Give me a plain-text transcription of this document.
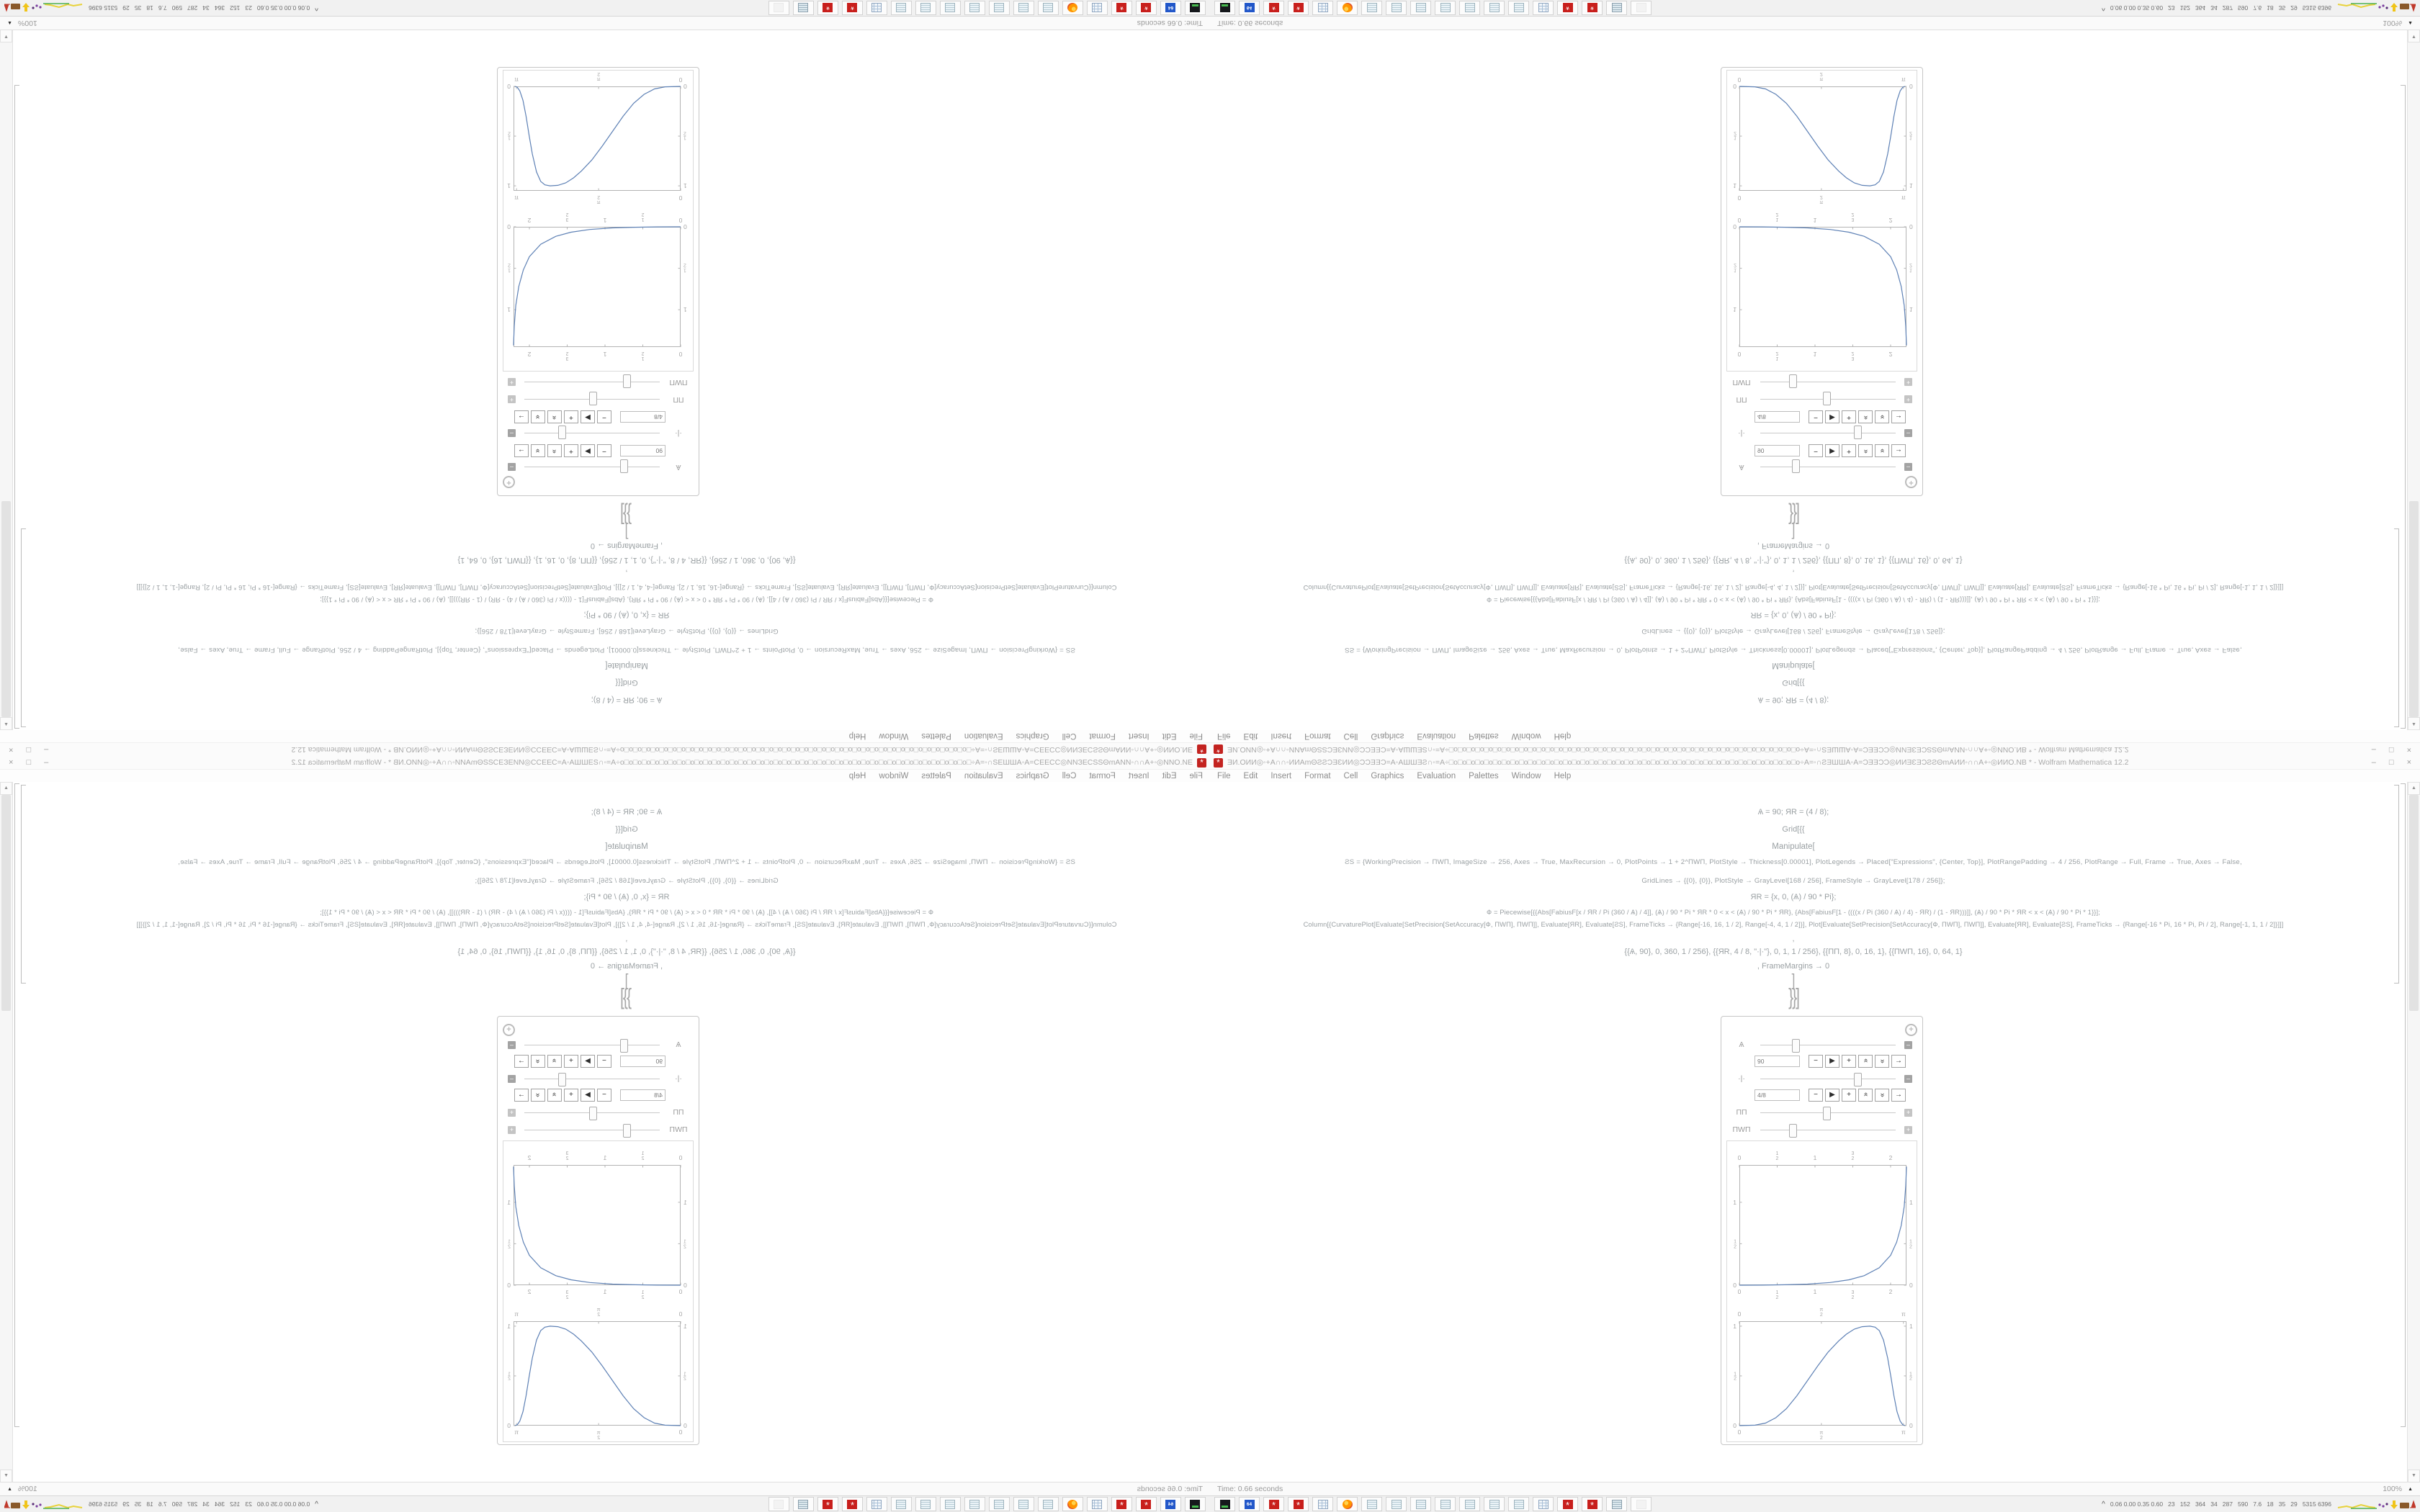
* ƎИ.OИИ◎◦+A∩∩◦ИИAmΘƧƧƆƎƐИИ◎ƆƆƎƎƆ=A◦AШШƎƧ∩◦=A÷□o□o□o□o□o□o□o□o□o□o□o□o□o□o□o□o□o□o□o□o□o□o□o□o□o□o□o□o□o□o□o□o□o□o□o□o□o□o□o□o÷A=◦∩ƧƎШШA◦A=ƆƎƎƆƆ◎ИИƎƐƎƆƧƧΘmAИИ◦∩∩A+◦◎ИИO.NB * - Wolfram Mathematica 12.2	– □ ×
File Edit Insert Format Cell Graphics Evaluation Palettes Window Help
Ѧ = 90; ЯR = (4 / 8);
Grid[{{
Manipulate[
ƧS = {WorkingPrecision → ПWП, ImageSize → 256, Axes → True, MaxRecursion → 0, PlotPoints → 1 + 2^ПWП, PlotStyle → Thickness[0.00001], PlotLegends → Placed["Expressions", {Center, Top}], PlotRangePadding → 4 / 256, PlotRange → Full, Frame → True, Axes → False,
GridLines → {{0}, {0}}, PlotStyle → GrayLevel[168 / 256], FrameStyle → GrayLevel[178 / 256]};
ЯR = {x, 0, (Ѧ) / 90 * Pi};
Ф = Piecewise[{{Abs[FabiusF[x / ЯR / Pi (360 / Ѧ) / 4]], (Ѧ) / 90 * Pi * ЯR * 0 < x < (Ѧ) / 90 * Pi * ЯR}, {Abs[FabiusF[1 - ((((x / Pi (360 / Ѧ) / 4) - ЯR) / (1 - ЯR)))]], (Ѧ) / 90 * Pi * ЯR < x < (Ѧ) / 90 * Pi * 1}}];
Column[{CurvaturePlot[Evaluate[SetPrecision[SetAccuracy[Ф, ПWП], ПWП]], Evaluate[ЯR], Evaluate[ƧS], FrameTicks → {Range[-16, 16, 1 / 2], Range[-4, 4, 1 / 2]}], Plot[Evaluate[SetPrecision[SetAccuracy[Ф, ПWП], ПWП]], Evaluate[ЯR], Evaluate[ƧS], FrameTicks → {Range[-16 * Pi, 16 * Pi, Pi / 2], Range[-1, 1, 1 / 2]}]]]
,
{{Ѧ, 90}, 0, 360, 1 / 256}, {{ЯR, 4 / 8, "·|·"}, 0, 1, 1 / 256}, {{ПП, 8}, 0, 16, 1}, {{ПWП, 16}, 0, 64, 1}
, FrameMargins → 0
]
}}]
+
Ѧ	–
90	−	▶	+	»	»	→
·|·	–
4/8	−	▶	+	»	»	→
ПП	+
ПWП	+
0
0
1
2
1
2
1
1
3
2
3
2
2
2
0	0
1
2
1
2
1	1
0
0
π
2
π
2
π
π
0	0
1
2
1
2
1	1
▲
▼
Time: 0.66 seconds	100% ▲
64	*	*	*	*	^ 0.06 0.00 0.35 0.60   23   152   364   34   287   590   7.6   18   35   29   5315 6396
*
ƎИ.OИИ◎◦+A∩∩◦ИИAmΘƧƧƆƎƐИИ◎ƆƆƎƎƆ=A◦AШШƎƧ∩◦=A÷□o□o□o□o□o□o□o□o□o□o□o□o□o□o□o□o□o□o□o□o□o□o□o□o□o□o□o□o□o□o□o□o□o□o□o□o□o□o□o□o÷A=◦∩ƧƎШШA◦A=ƆƎƎƆƆ◎ИИƎƐƎƆƧƧΘmAИИ◦∩∩A+◦◎ИИO.NB * - Wolfram Mathematica 12.2
–
□
×
File
Edit
Insert
Format
Cell
Graphics
Evaluation
Palettes
Window
Help
Ѧ = 90; ЯR = (4 / 8);
Grid[{{
Manipulate[
ƧS = {WorkingPrecision → ПWП, ImageSize → 256, Axes → True, MaxRecursion → 0, PlotPoints → 1 + 2^ПWП, PlotStyle → Thickness[0.00001], PlotLegends → Placed["Expressions", {Center, Top}], PlotRangePadding → 4 / 256, PlotRange → Full, Frame → True, Axes → False,
GridLines → {{0}, {0}}, PlotStyle → GrayLevel[168 / 256], FrameStyle → GrayLevel[178 / 256]};
ЯR = {x, 0, (Ѧ) / 90 * Pi};
Ф = Piecewise[{{Abs[FabiusF[x / ЯR / Pi (360 / Ѧ) / 4]], (Ѧ) / 90 * Pi * ЯR * 0 < x < (Ѧ) / 90 * Pi * ЯR}, {Abs[FabiusF[1 - ((((x / Pi (360 / Ѧ) / 4) - ЯR) / (1 - ЯR)))]], (Ѧ) / 90 * Pi * ЯR < x < (Ѧ) / 90 * Pi * 1}}];
Column[{CurvaturePlot[Evaluate[SetPrecision[SetAccuracy[Ф, ПWП], ПWП]], Evaluate[ЯR], Evaluate[ƧS], FrameTicks → {Range[-16, 16, 1 / 2], Range[-4, 4, 1 / 2]}], Plot[Evaluate[SetPrecision[SetAccuracy[Ф, ПWП], ПWП]], Evaluate[ЯR], Evaluate[ƧS], FrameTicks → {Range[-16 * Pi, 16 * Pi, Pi / 2], Range[-1, 1, 1 / 2]}]]]
,
{{Ѧ, 90}, 0, 360, 1 / 256}, {{ЯR, 4 / 8, "·|·"}, 0, 1, 1 / 256}, {{ПП, 8}, 0, 16, 1}, {{ПWП, 16}, 0, 64, 1}
, FrameMargins → 0
]
}}]
+
Ѧ
–
90
−
▶
+
»
»
→
·|·
–
4/8
−
▶
+
»
»
→
ПП
+
ПWП
+
0
0
1
2
1
2
1
1
3
2
3
2
2
2
0
0
1
2
1
2
1
1
0
0
π
2
π
2
π
π
0
0
1
2
1
2
1
1
▲
▼
Time: 0.66 seconds
100%
▲
64
*
*
*
*
^
0.06 0.00 0.35 0.60   23   152   364   34   287   590   7.6   18   35   29   5315 6396
* ƎИ.OИИ◎◦+A∩∩◦ИИAmΘƧƧƆƎƐИИ◎ƆƆƎƎƆ=A◦AШШƎƧ∩◦=A÷□o□o□o□o□o□o□o□o□o□o□o□o□o□o□o□o□o□o□o□o□o□o□o□o□o□o□o□o□o□o□o□o□o□o□o□o□o□o□o□o÷A=◦∩ƧƎШШA◦A=ƆƎƎƆƆ◎ИИƎƐƎƆƧƧΘmAИИ◦∩∩A+◦◎ИИO.NB * - Wolfram Mathematica 12.2	– □ ×
File Edit Insert Format Cell Graphics Evaluation Palettes Window Help
Ѧ = 90; ЯR = (4 / 8);
Grid[{{
Manipulate[
ƧS = {WorkingPrecision → ПWП, ImageSize → 256, Axes → True, MaxRecursion → 0, PlotPoints → 1 + 2^ПWП, PlotStyle → Thickness[0.00001], PlotLegends → Placed["Expressions", {Center, Top}], PlotRangePadding → 4 / 256, PlotRange → Full, Frame → True, Axes → False,
GridLines → {{0}, {0}}, PlotStyle → GrayLevel[168 / 256], FrameStyle → GrayLevel[178 / 256]};
ЯR = {x, 0, (Ѧ) / 90 * Pi};
Ф = Piecewise[{{Abs[FabiusF[x / ЯR / Pi (360 / Ѧ) / 4]], (Ѧ) / 90 * Pi * ЯR * 0 < x < (Ѧ) / 90 * Pi * ЯR}, {Abs[FabiusF[1 - ((((x / Pi (360 / Ѧ) / 4) - ЯR) / (1 - ЯR)))]], (Ѧ) / 90 * Pi * ЯR < x < (Ѧ) / 90 * Pi * 1}}];
Column[{CurvaturePlot[Evaluate[SetPrecision[SetAccuracy[Ф, ПWП], ПWП]], Evaluate[ЯR], Evaluate[ƧS], FrameTicks → {Range[-16, 16, 1 / 2], Range[-4, 4, 1 / 2]}], Plot[Evaluate[SetPrecision[SetAccuracy[Ф, ПWП], ПWП]], Evaluate[ЯR], Evaluate[ƧS], FrameTicks → {Range[-16 * Pi, 16 * Pi, Pi / 2], Range[-1, 1, 1 / 2]}]]]
,
{{Ѧ, 90}, 0, 360, 1 / 256}, {{ЯR, 4 / 8, "·|·"}, 0, 1, 1 / 256}, {{ПП, 8}, 0, 16, 1}, {{ПWП, 16}, 0, 64, 1}
, FrameMargins → 0
]
}}]
+
Ѧ	–
90	−	▶	+	»	»	→
·|·	–
4/8	−	▶	+	»	»	→
ПП	+
ПWП	+
0
0
1
2
1
2
1
1
3
2
3
2
2
2
0	0
1
2
1
2
1	1
0
0
π
2
π
2
π
π
0	0
1
2
1
2
1	1
▲
▼
Time: 0.66 seconds	100% ▲
64	*	*	*	*	^ 0.06 0.00 0.35 0.60   23   152   364   34   287   590   7.6   18   35   29   5315 6396
*
ƎИ.OИИ◎◦+A∩∩◦ИИAmΘƧƧƆƎƐИИ◎ƆƆƎƎƆ=A◦AШШƎƧ∩◦=A÷□o□o□o□o□o□o□o□o□o□o□o□o□o□o□o□o□o□o□o□o□o□o□o□o□o□o□o□o□o□o□o□o□o□o□o□o□o□o□o□o÷A=◦∩ƧƎШШA◦A=ƆƎƎƆƆ◎ИИƎƐƎƆƧƧΘmAИИ◦∩∩A+◦◎ИИO.NB * - Wolfram Mathematica 12.2
–
□
×
File
Edit
Insert
Format
Cell
Graphics
Evaluation
Palettes
Window
Help
Ѧ = 90; ЯR = (4 / 8);
Grid[{{
Manipulate[
ƧS = {WorkingPrecision → ПWП, ImageSize → 256, Axes → True, MaxRecursion → 0, PlotPoints → 1 + 2^ПWП, PlotStyle → Thickness[0.00001], PlotLegends → Placed["Expressions", {Center, Top}], PlotRangePadding → 4 / 256, PlotRange → Full, Frame → True, Axes → False,
GridLines → {{0}, {0}}, PlotStyle → GrayLevel[168 / 256], FrameStyle → GrayLevel[178 / 256]};
ЯR = {x, 0, (Ѧ) / 90 * Pi};
Ф = Piecewise[{{Abs[FabiusF[x / ЯR / Pi (360 / Ѧ) / 4]], (Ѧ) / 90 * Pi * ЯR * 0 < x < (Ѧ) / 90 * Pi * ЯR}, {Abs[FabiusF[1 - ((((x / Pi (360 / Ѧ) / 4) - ЯR) / (1 - ЯR)))]], (Ѧ) / 90 * Pi * ЯR < x < (Ѧ) / 90 * Pi * 1}}];
Column[{CurvaturePlot[Evaluate[SetPrecision[SetAccuracy[Ф, ПWП], ПWП]], Evaluate[ЯR], Evaluate[ƧS], FrameTicks → {Range[-16, 16, 1 / 2], Range[-4, 4, 1 / 2]}], Plot[Evaluate[SetPrecision[SetAccuracy[Ф, ПWП], ПWП]], Evaluate[ЯR], Evaluate[ƧS], FrameTicks → {Range[-16 * Pi, 16 * Pi, Pi / 2], Range[-1, 1, 1 / 2]}]]]
,
{{Ѧ, 90}, 0, 360, 1 / 256}, {{ЯR, 4 / 8, "·|·"}, 0, 1, 1 / 256}, {{ПП, 8}, 0, 16, 1}, {{ПWП, 16}, 0, 64, 1}
, FrameMargins → 0
]
}}]
+
Ѧ
–
90
−
▶
+
»
»
→
·|·
–
4/8
−
▶
+
»
»
→
ПП
+
ПWП
+
0
0
1
2
1
2
1
1
3
2
3
2
2
2
0
0
1
2
1
2
1
1
0
0
π
2
π
2
π
π
0
0
1
2
1
2
1
1
▲
▼
Time: 0.66 seconds
100%
▲
64
*
*
*
*
^
0.06 0.00 0.35 0.60   23   152   364   34   287   590   7.6   18   35   29   5315 6396
